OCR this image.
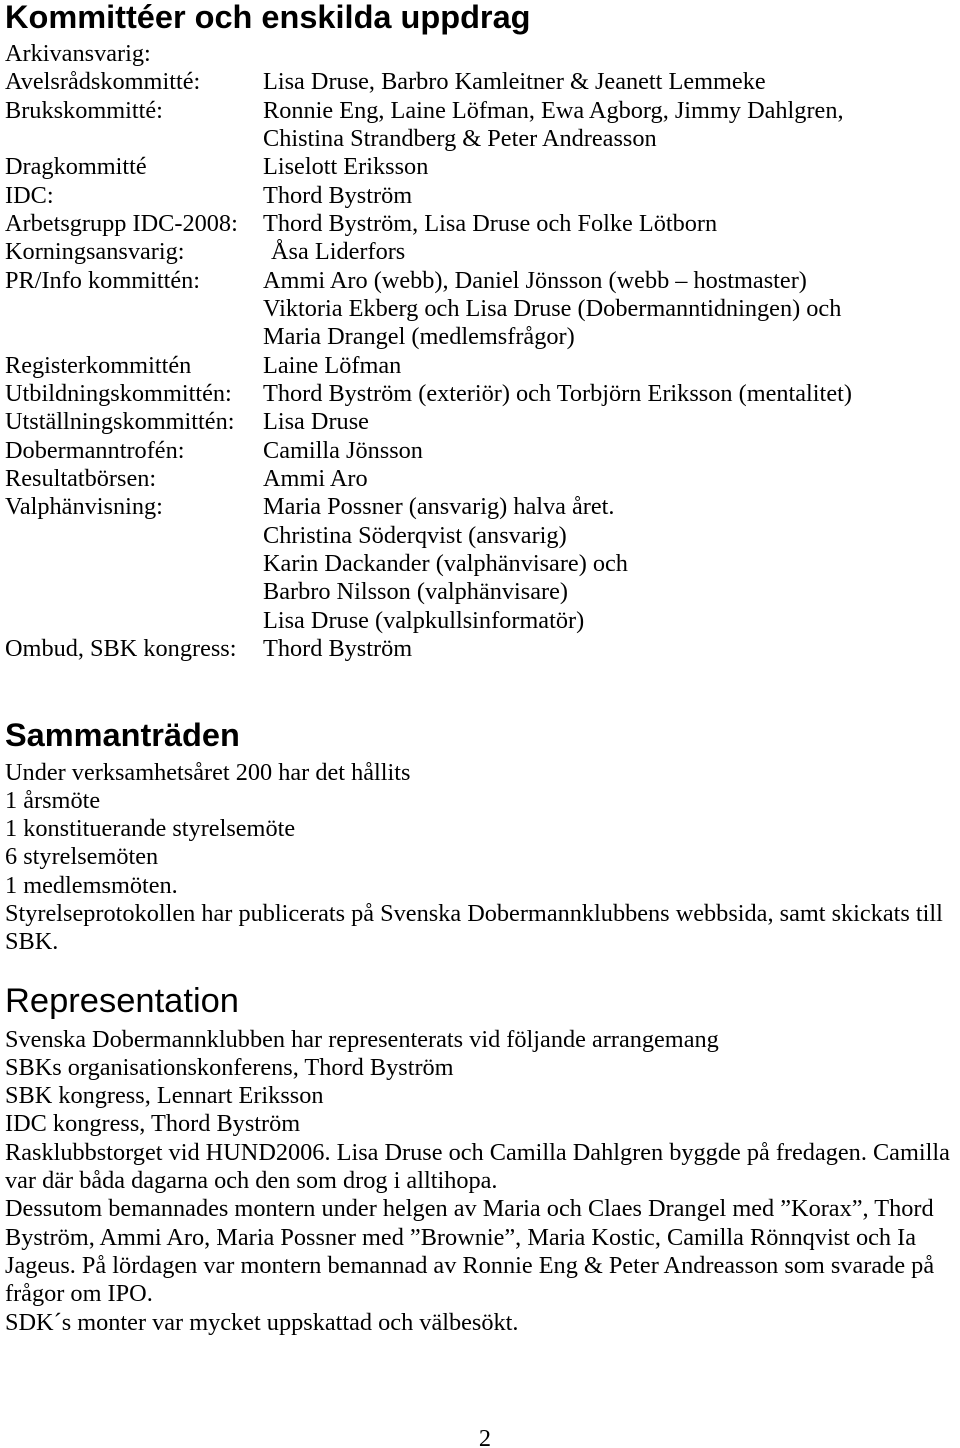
Kommittéer och enskilda uppdrag
Arkivansvarig:
Avelsrådskommitté:	Lisa Druse, Barbro Kamleitner & Jeanett Lemmeke
Brukskommitté:	Ronnie Eng, Laine Löfman, Ewa Agborg, Jimmy Dahlgren,
Chistina Strandberg & Peter Andreasson
Dragkommitté	Liselott Eriksson
IDC:	Thord Byström
Arbetsgrupp IDC-2008:	Thord Byström, Lisa Druse och Folke Lötborn
Korningsansvarig:	Åsa Liderfors
PR/Info kommittén:	Ammi Aro (webb), Daniel Jönsson (webb – hostmaster)
Viktoria Ekberg och Lisa Druse (Dobermanntidningen) och
Maria Drangel (medlemsfrågor)
Registerkommittén	Laine Löfman
Utbildningskommittén:	Thord Byström (exteriör) och Torbjörn Eriksson (mentalitet)
Utställningskommittén:	Lisa Druse
Dobermanntrofén:	Camilla Jönsson
Resultatbörsen:	Ammi Aro
Valphänvisning:	Maria Possner (ansvarig) halva året.
Christina Söderqvist (ansvarig)
Karin Dackander (valphänvisare) och
Barbro Nilsson (valphänvisare)
Lisa Druse (valpkullsinformatör)
Ombud, SBK kongress:	Thord Byström
Sammanträden
Under verksamhetsåret 200 har det hållits
1 årsmöte
1 konstituerande styrelsemöte
6 styrelsemöten
1 medlemsmöten.
Styrelseprotokollen har publicerats på Svenska Dobermannklubbens webbsida, samt skickats till
SBK.
Representation
Svenska Dobermannklubben har representerats vid följande arrangemang
SBKs organisationskonferens, Thord Byström
SBK kongress, Lennart Eriksson
IDC kongress, Thord Byström
Rasklubbstorget vid HUND2006. Lisa Druse och Camilla Dahlgren byggde på fredagen. Camilla
var där båda dagarna och den som drog i alltihopa.
Dessutom bemannades montern under helgen av Maria och Claes Drangel med ”Korax”, Thord
Byström, Ammi Aro, Maria Possner med ”Brownie”, Maria Kostic, Camilla Rönnqvist och Ia
Jageus. På lördagen var montern bemannad av Ronnie Eng & Peter Andreasson som svarade på
frågor om IPO.
SDK´s monter var mycket uppskattad och välbesökt.
2
